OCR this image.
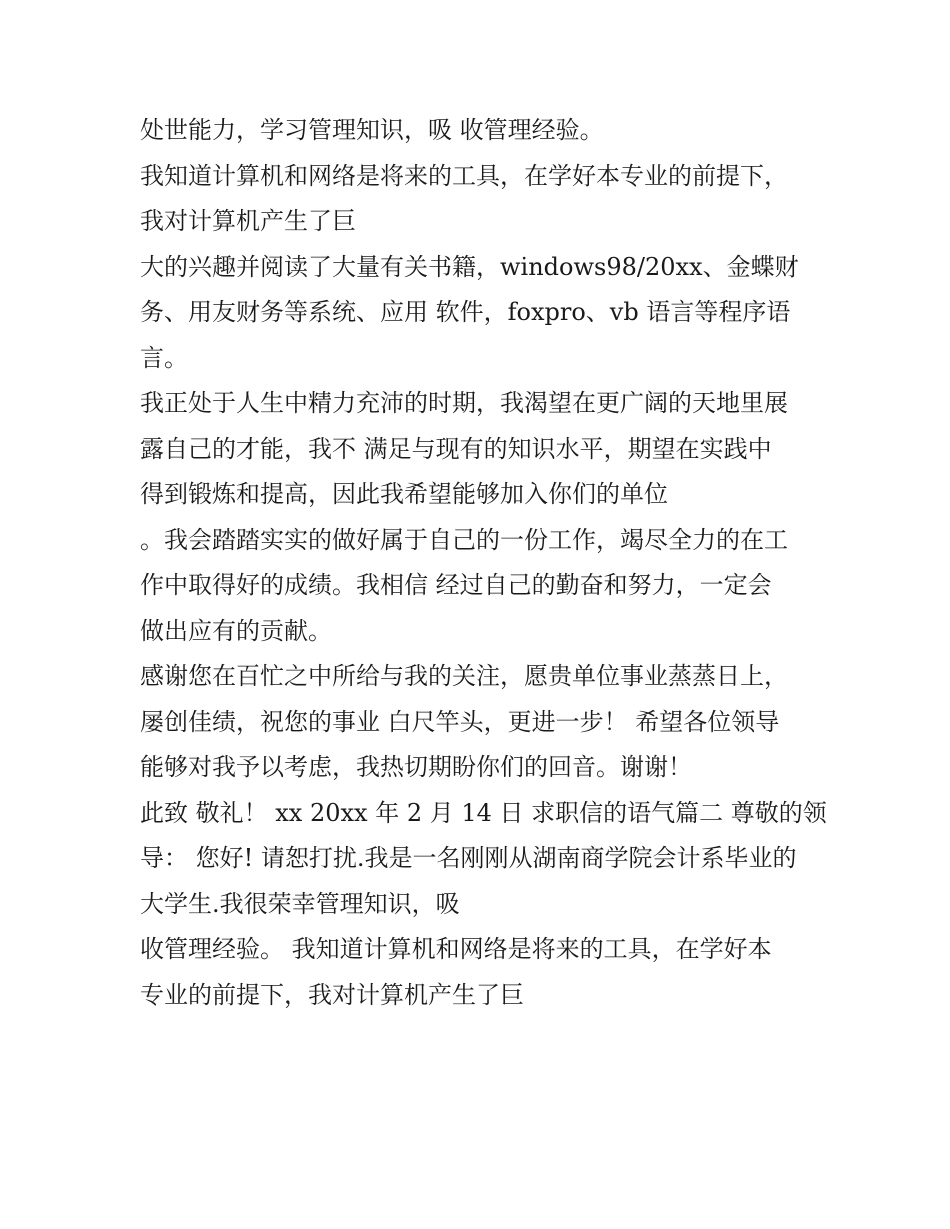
处世能力，学习管理知识，吸 收管理经验。
我知道计算机和网络是将来的工具，在学好本专业的前提下，
我对计算机产生了巨
大的兴趣并阅读了大量有关书籍，windows98/20xx、金蝶财
务、用友财务等系统、应用 软件，foxpro、vb 语言等程序语
言。
我正处于人生中精力充沛的时期，我渴望在更广阔的天地里展
露自己的才能，我不 满足与现有的知识水平，期望在实践中
得到锻炼和提高，因此我希望能够加入你们的单位
。我会踏踏实实的做好属于自己的一份工作，竭尽全力的在工
作中取得好的成绩。我相信 经过自己的勤奋和努力，一定会
做出应有的贡献。
感谢您在百忙之中所给与我的关注，愿贵单位事业蒸蒸日上，
屡创佳绩，祝您的事业 白尺竿头，更进一步！ 希望各位领导
能够对我予以考虑，我热切期盼你们的回音。谢谢！
此致 敬礼！ xx 20xx 年 2 月 14 日 求职信的语气篇二 尊敬的领
导： 您好! 请恕打扰.我是一名刚刚从湖南商学院会计系毕业的
大学生.我很荣幸管理知识，吸
收管理经验。 我知道计算机和网络是将来的工具，在学好本
专业的前提下，我对计算机产生了巨
